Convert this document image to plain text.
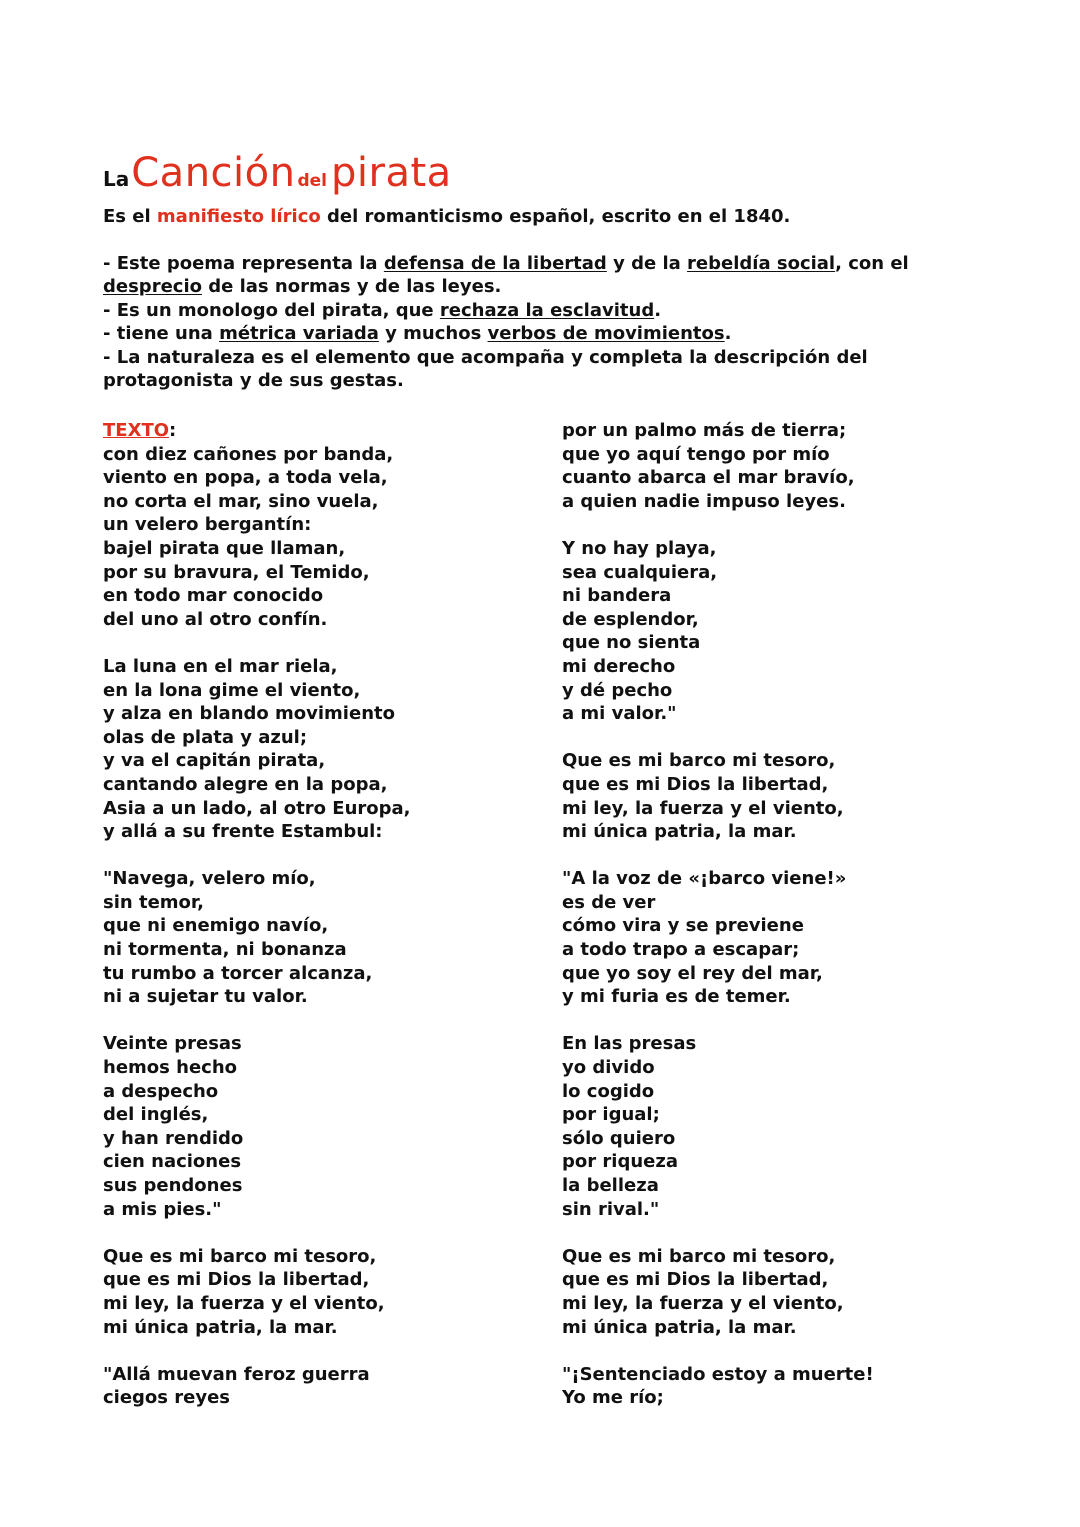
La Canción del pirata
Es el manifiesto lírico del romanticismo español, escrito en el 1840.
- Este poema representa la defensa de la libertad y de la rebeldía social, con el
desprecio de las normas y de las leyes.
- Es un monologo del pirata, que rechaza la esclavitud.
- tiene una métrica variada y muchos verbos de movimientos.
- La naturaleza es el elemento que acompaña y completa la descripción del
protagonista y de sus gestas.
TEXTO:
con diez cañones por banda,
viento en popa, a toda vela,
no corta el mar, sino vuela,
un velero bergantín:
bajel pirata que llaman,
por su bravura, el Temido,
en todo mar conocido
del uno al otro confín.
La luna en el mar riela,
en la lona gime el viento,
y alza en blando movimiento
olas de plata y azul;
y va el capitán pirata,
cantando alegre en la popa,
Asia a un lado, al otro Europa,
y allá a su frente Estambul:
"Navega, velero mío,
sin temor,
que ni enemigo navío,
ni tormenta, ni bonanza
tu rumbo a torcer alcanza,
ni a sujetar tu valor.
Veinte presas
hemos hecho
a despecho
del inglés,
y han rendido
cien naciones
sus pendones
a mis pies."
Que es mi barco mi tesoro,
que es mi Dios la libertad,
mi ley, la fuerza y el viento,
mi única patria, la mar.
"Allá muevan feroz guerra
ciegos reyes
por un palmo más de tierra;
que yo aquí tengo por mío
cuanto abarca el mar bravío,
a quien nadie impuso leyes.
Y no hay playa,
sea cualquiera,
ni bandera
de esplendor,
que no sienta
mi derecho
y dé pecho
a mi valor."
Que es mi barco mi tesoro,
que es mi Dios la libertad,
mi ley, la fuerza y el viento,
mi única patria, la mar.
"A la voz de «¡barco viene!»
es de ver
cómo vira y se previene
a todo trapo a escapar;
que yo soy el rey del mar,
y mi furia es de temer.
En las presas
yo divido
lo cogido
por igual;
sólo quiero
por riqueza
la belleza
sin rival."
Que es mi barco mi tesoro,
que es mi Dios la libertad,
mi ley, la fuerza y el viento,
mi única patria, la mar.
"¡Sentenciado estoy a muerte!
Yo me río;
